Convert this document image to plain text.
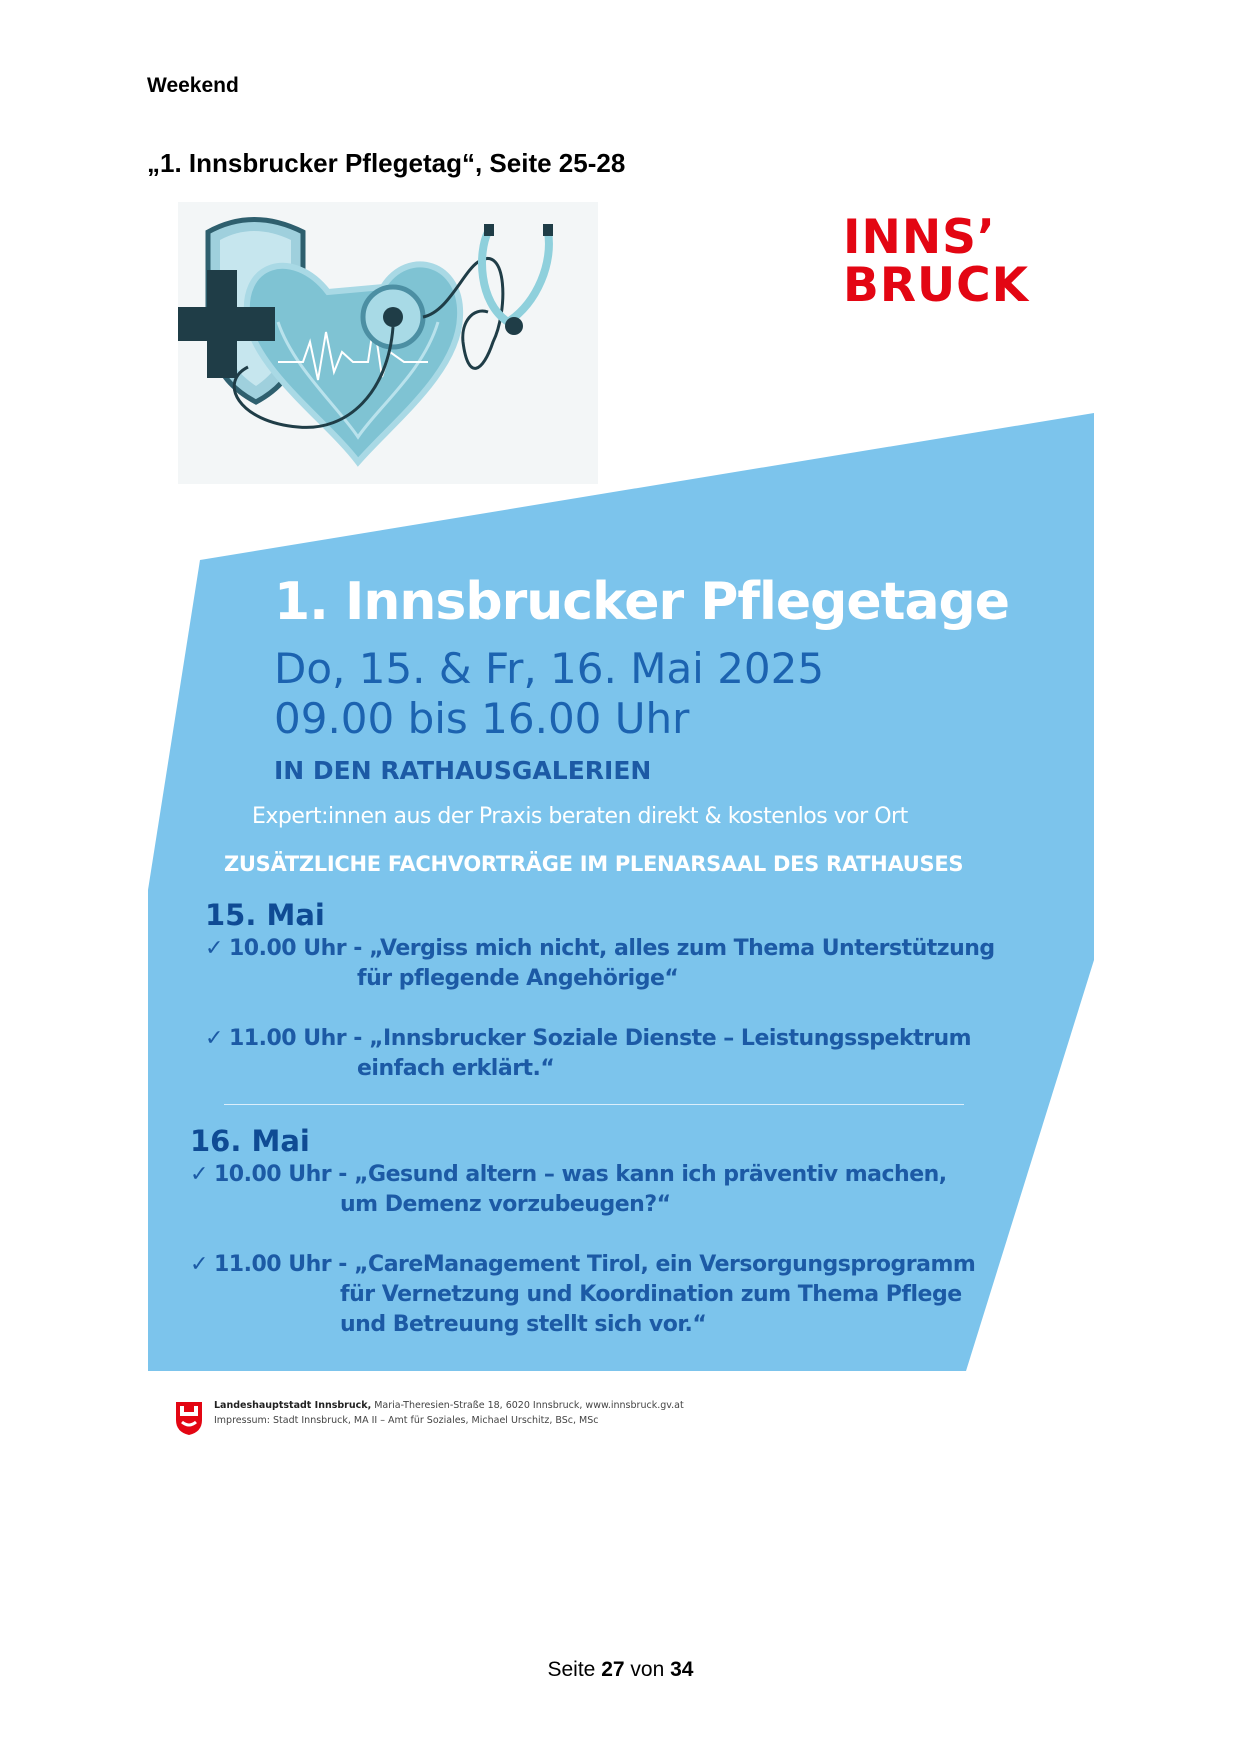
Weekend
„1. Innsbrucker Pflegetag“, Seite 25-28
INNS’
BRUCK
1. Innsbrucker Pflegetage
Do, 15. & Fr, 16. Mai 2025
09.00 bis 16.00 Uhr
IN DEN RATHAUSGALERIEN
Expert:innen aus der Praxis beraten direkt & kostenlos vor Ort
ZUSÄTZLICHE FACHVORTRÄGE IM PLENARSAAL DES RATHAUSES
15. Mai
✓ 10.00 Uhr - „Vergiss mich nicht, alles zum Thema Unterstützung
für pflegende Angehörige“
✓ 11.00 Uhr - „Innsbrucker Soziale Dienste – Leistungsspektrum
einfach erklärt.“
16. Mai
✓ 10.00 Uhr - „Gesund altern – was kann ich präventiv machen,
um Demenz vorzubeugen?“
✓ 11.00 Uhr - „CareManagement Tirol, ein Versorgungsprogramm
für Vernetzung und Koordination zum Thema Pflege
und Betreuung stellt sich vor.“
Landeshauptstadt Innsbruck, Maria-Theresien-Straße 18, 6020 Innsbruck, www.innsbruck.gv.at
Impressum: Stadt Innsbruck, MA II – Amt für Soziales, Michael Urschitz, BSc, MSc
Seite 27 von 34
